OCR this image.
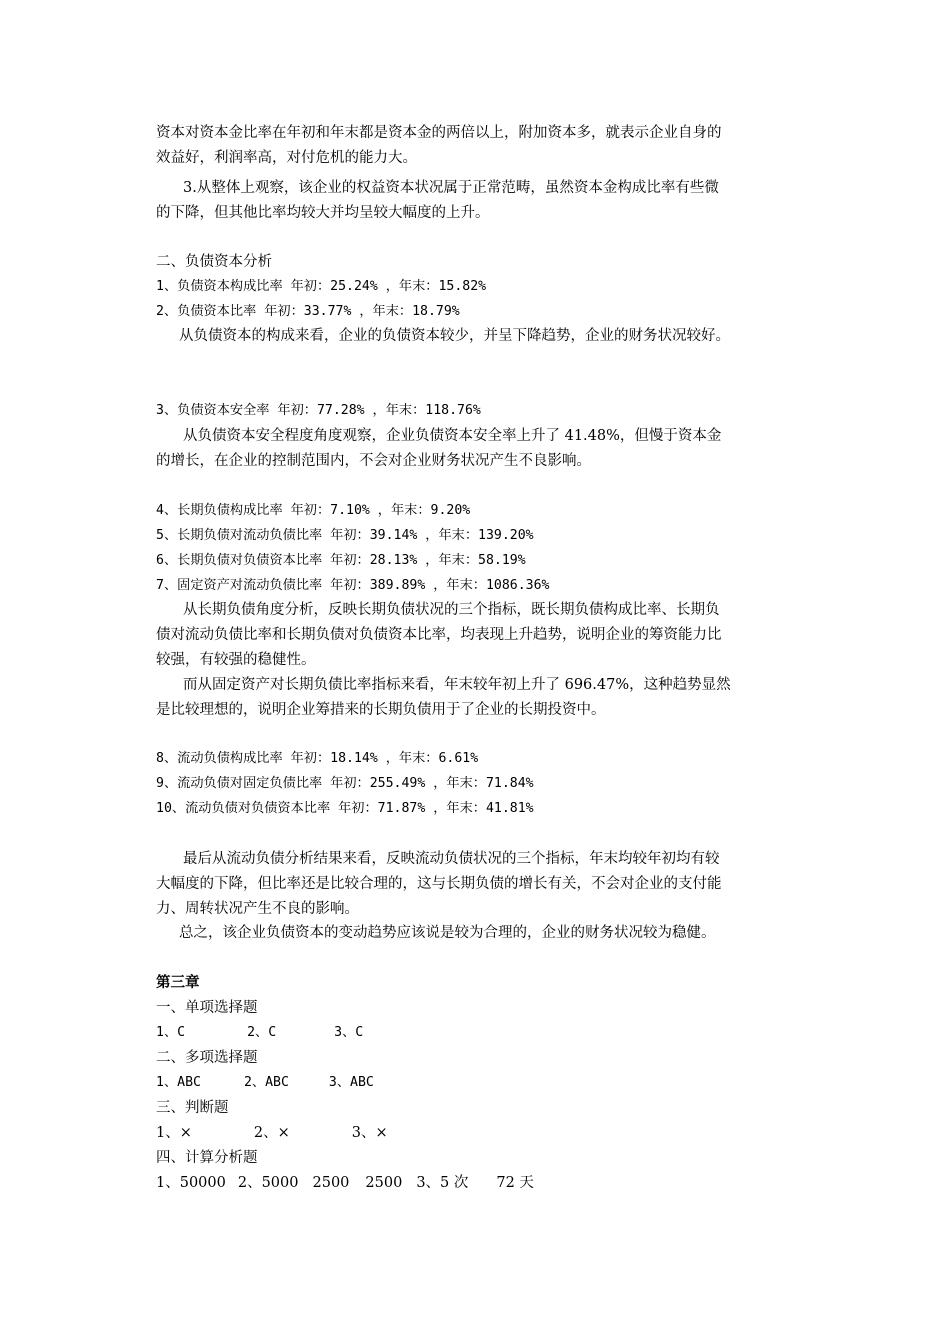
资本对资本金比率在年初和年末都是资本金的两倍以上，附加资本多，就表示企业自身的
效益好，利润率高，对付危机的能力大。
3.从整体上观察，该企业的权益资本状况属于正常范畴，虽然资本金构成比率有些微
的下降，但其他比率均较大并均呈较大幅度的上升。
二、负债资本分析
1、负债资本构成比率 年初：25.24% ，年末：15.82%
2、负债资本比率 年初：33.77% ，年末：18.79%
从负债资本的构成来看，企业的负债资本较少，并呈下降趋势，企业的财务状况较好。
3、负债资本安全率 年初：77.28% ，年末：118.76%
从负债资本安全程度角度观察，企业负债资本安全率上升了 41.48%，但慢于资本金
的增长，在企业的控制范围内，不会对企业财务状况产生不良影响。
4、长期负债构成比率 年初：7.10% ，年末：9.20%
5、长期负债对流动负债比率 年初：39.14% ，年末：139.20%
6、长期负债对负债资本比率 年初：28.13% ，年末：58.19%
7、固定资产对流动负债比率 年初：389.89% ，年末：1086.36%
从长期负债角度分析，反映长期负债状况的三个指标，既长期负债构成比率、长期负
债对流动负债比率和长期负债对负债资本比率，均表现上升趋势，说明企业的筹资能力比
较强，有较强的稳健性。
而从固定资产对长期负债比率指标来看，年末较年初上升了 696.47%，这种趋势显然
是比较理想的，说明企业筹措来的长期负债用于了企业的长期投资中。
8、流动负债构成比率 年初：18.14% ，年末：6.61%
9、流动负债对固定负债比率 年初：255.49% ，年末：71.84%
10、流动负债对负债资本比率 年初：71.87% ，年末：41.81%
最后从流动负债分析结果来看，反映流动负债状况的三个指标，年末均较年初均有较
大幅度的下降，但比率还是比较合理的，这与长期负债的增长有关，不会对企业的支付能
力、周转状况产生不良的影响。
总之，该企业负债资本的变动趋势应该说是较为合理的，企业的财务状况较为稳健。
第三章
一、单项选择题
1、C	2、C	3、C
二、多项选择题
1、ABC	2、ABC	3、ABC
三、判断题
1、×	2、×	3、×
四、计算分析题
1、50000 2、5000 2500 2500 3、5 次 72 天
